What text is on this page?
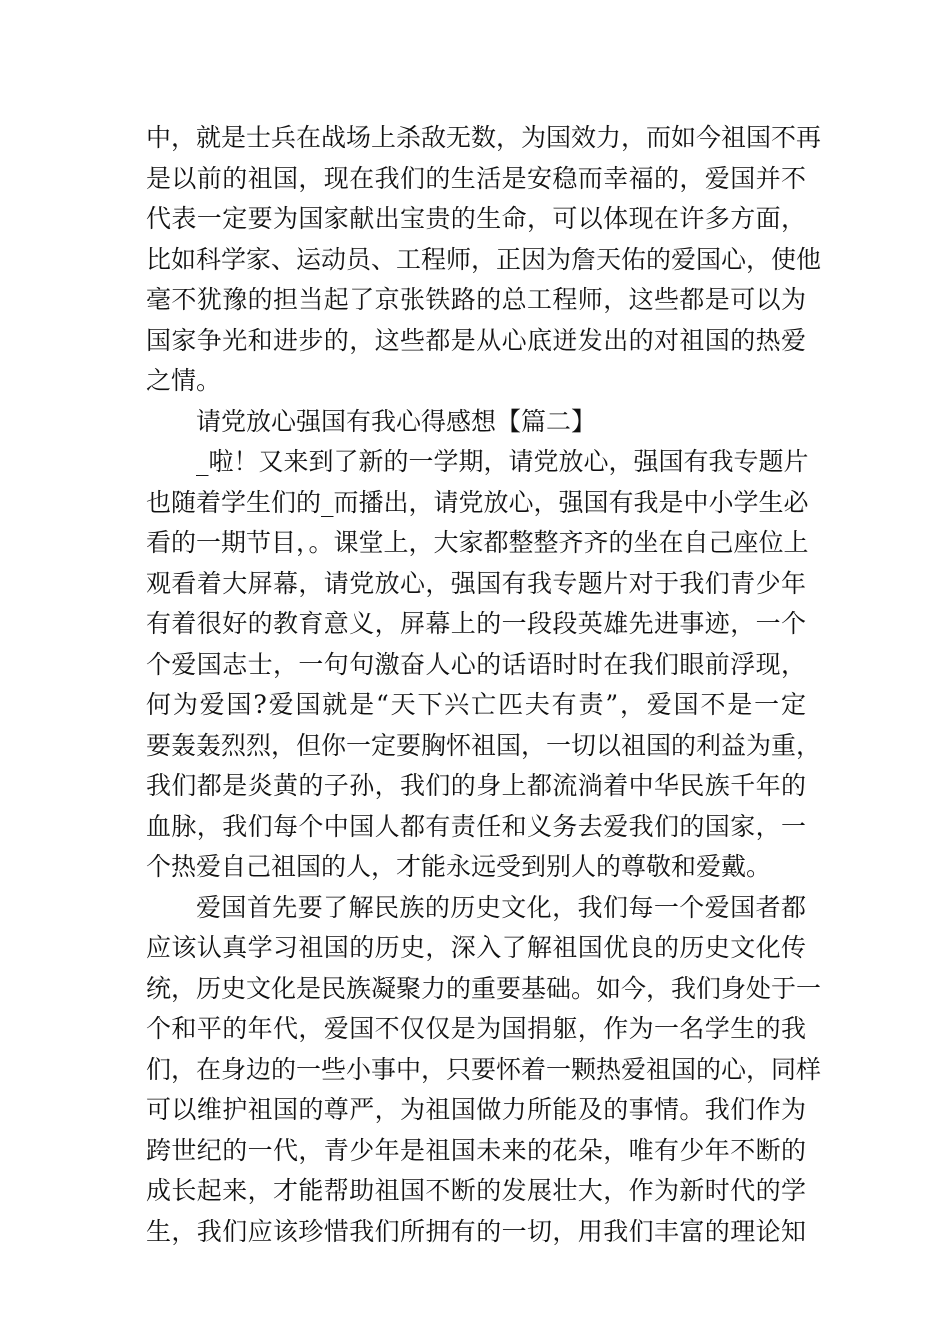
中，就是士兵在战场上杀敌无数，为国效力，而如今祖国不再
是以前的祖国，现在我们的生活是安稳而幸福的，爱国并不
代表一定要为国家献出宝贵的生命，可以体现在许多方面，
比如科学家、运动员、工程师，正因为詹天佑的爱国心，使他
毫不犹豫的担当起了京张铁路的总工程师，这些都是可以为
国家争光和进步的，这些都是从心底迸发出的对祖国的热爱
之情。
请党放心强国有我心得感想【篇二】
_啦！又来到了新的一学期，请党放心，强国有我专题片
也随着学生们的_而播出，请党放心，强国有我是中小学生必
看的一期节目，。课堂上，大家都整整齐齐的坐在自己座位上
观看着大屏幕，请党放心，强国有我专题片对于我们青少年
有着很好的教育意义，屏幕上的一段段英雄先进事迹，一个
个爱国志士，一句句激奋人心的话语时时在我们眼前浮现，
何为爱国?爱国就是“天下兴亡匹夫有责”，爱国不是一定
要轰轰烈烈，但你一定要胸怀祖国，一切以祖国的利益为重，
我们都是炎黄的子孙，我们的身上都流淌着中华民族千年的
血脉，我们每个中国人都有责任和义务去爱我们的国家，一
个热爱自己祖国的人，才能永远受到别人的尊敬和爱戴。
爱国首先要了解民族的历史文化，我们每一个爱国者都
应该认真学习祖国的历史，深入了解祖国优良的历史文化传
统，历史文化是民族凝聚力的重要基础。如今，我们身处于一
个和平的年代，爱国不仅仅是为国捐躯，作为一名学生的我
们，在身边的一些小事中，只要怀着一颗热爱祖国的心，同样
可以维护祖国的尊严，为祖国做力所能及的事情。我们作为
跨世纪的一代，青少年是祖国未来的花朵，唯有少年不断的
成长起来，才能帮助祖国不断的发展壮大，作为新时代的学
生，我们应该珍惜我们所拥有的一切，用我们丰富的理论知
